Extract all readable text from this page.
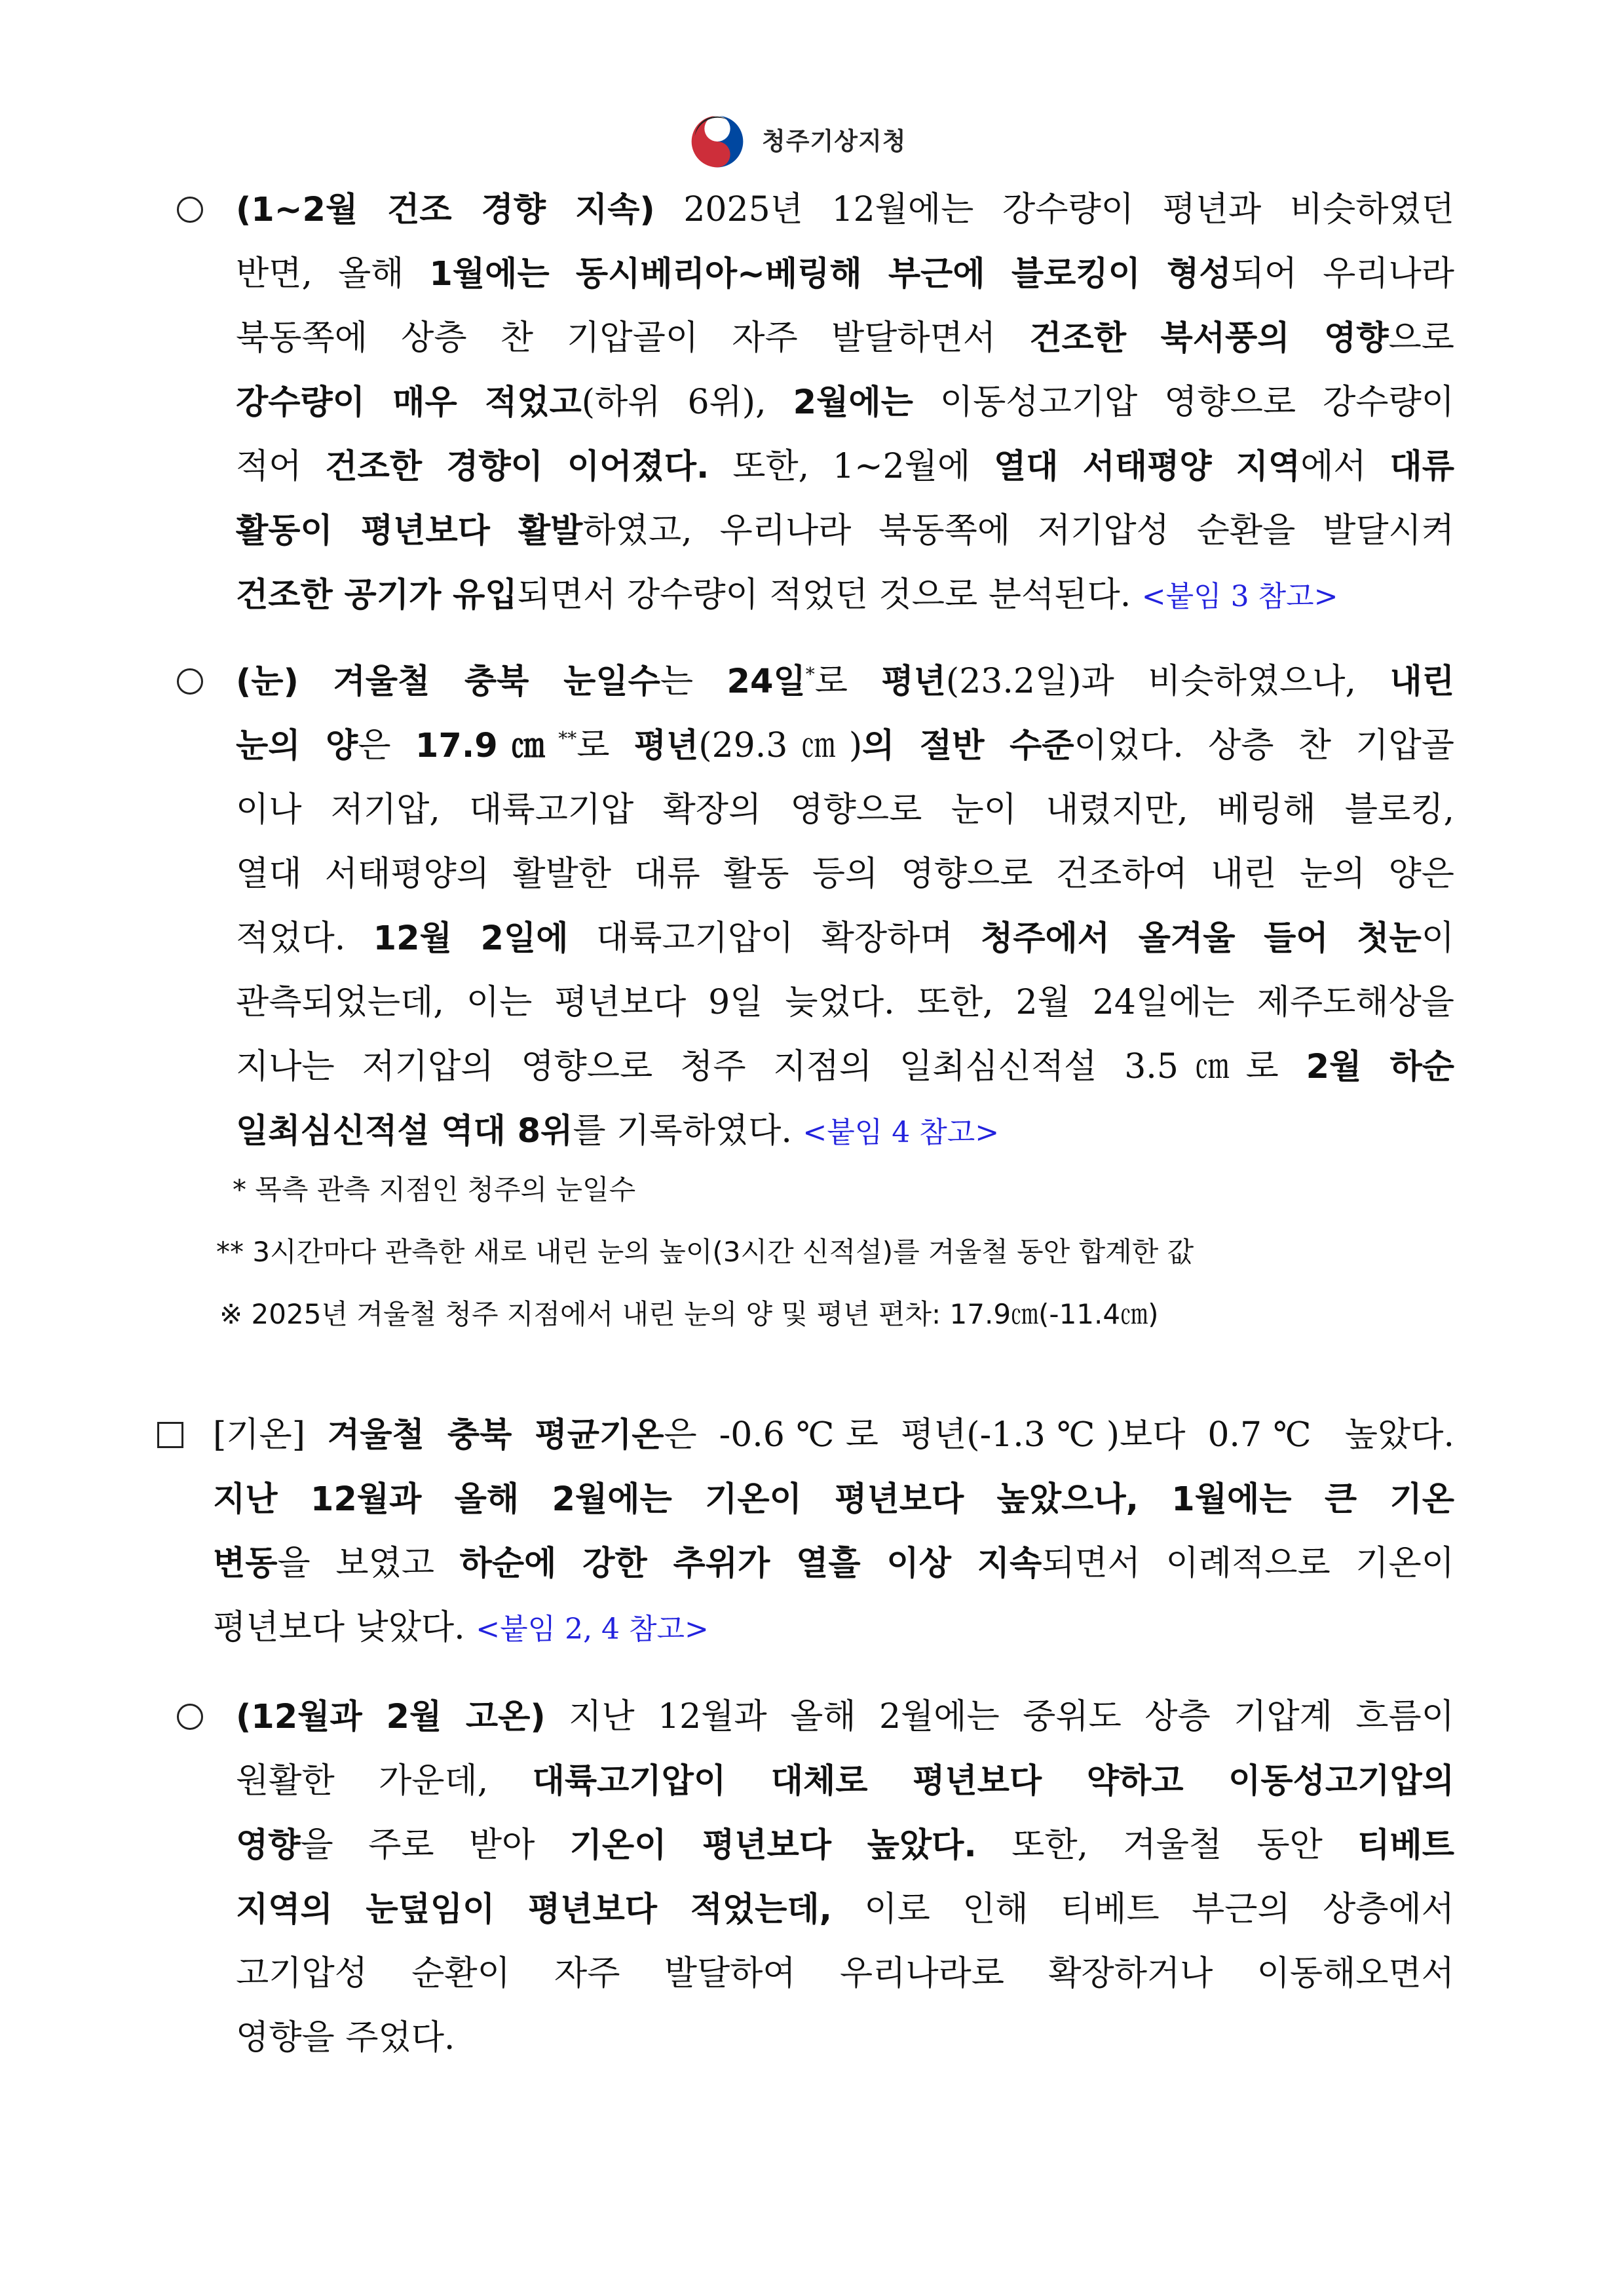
청주기상지청
(1~2월 건조 경향 지속) 2025년 12월에는 강수량이 평년과 비슷하였던
반면, 올해 1월에는 동시베리아~베링해 부근에 블로킹이 형성되어 우리나라
북동쪽에 상층 찬 기압골이 자주 발달하면서 건조한 북서풍의 영향으로
강수량이 매우 적었고(하위 6위), 2월에는 이동성고기압 영향으로 강수량이
적어 건조한 경향이 이어졌다. 또한, 1~2월에 열대 서태평양 지역에서 대류
활동이 평년보다 활발하였고, 우리나라 북동쪽에 저기압성 순환을 발달시켜
건조한 공기가 유입되면서 강수량이 적었던 것으로 분석된다. <붙임 3 참고>
(눈) 겨울철 충북 눈일수는 24일*로 평년(23.2일)과 비슷하였으나, 내린
눈의 양은 17.9㎝**로 평년(29.3㎝)의 절반 수준이었다. 상층 찬 기압골
이나 저기압, 대륙고기압 확장의 영향으로 눈이 내렸지만, 베링해 블로킹,
열대 서태평양의 활발한 대류 활동 등의 영향으로 건조하여 내린 눈의 양은
적었다. 12월 2일에 대륙고기압이 확장하며 청주에서 올겨울 들어 첫눈이
관측되었는데, 이는 평년보다 9일 늦었다. 또한, 2월 24일에는 제주도해상을
지나는 저기압의 영향으로 청주 지점의 일최심신적설 3.5㎝로 2월 하순
일최심신적설 역대 8위를 기록하였다. <붙임 4 참고>
* 목측 관측 지점인 청주의 눈일수
** 3시간마다 관측한 새로 내린 눈의 높이(3시간 신적설)를 겨울철 동안 합계한 값
※ 2025년 겨울철 청주 지점에서 내린 눈의 양 및 평년 편차: 17.9㎝(-11.4㎝)
[기온] 겨울철 충북 평균기온은 -0.6℃로 평년(-1.3℃)보다 0.7℃ 높았다.
지난 12월과 올해 2월에는 기온이 평년보다 높았으나, 1월에는 큰 기온
변동을 보였고 하순에 강한 추위가 열흘 이상 지속되면서 이례적으로 기온이
평년보다 낮았다. <붙임 2, 4 참고>
(12월과 2월 고온) 지난 12월과 올해 2월에는 중위도 상층 기압계 흐름이
원활한 가운데, 대륙고기압이 대체로 평년보다 약하고 이동성고기압의
영향을 주로 받아 기온이 평년보다 높았다. 또한, 겨울철 동안 티베트
지역의 눈덮임이 평년보다 적었는데, 이로 인해 티베트 부근의 상층에서
고기압성 순환이 자주 발달하여 우리나라로 확장하거나 이동해오면서
영향을 주었다.
